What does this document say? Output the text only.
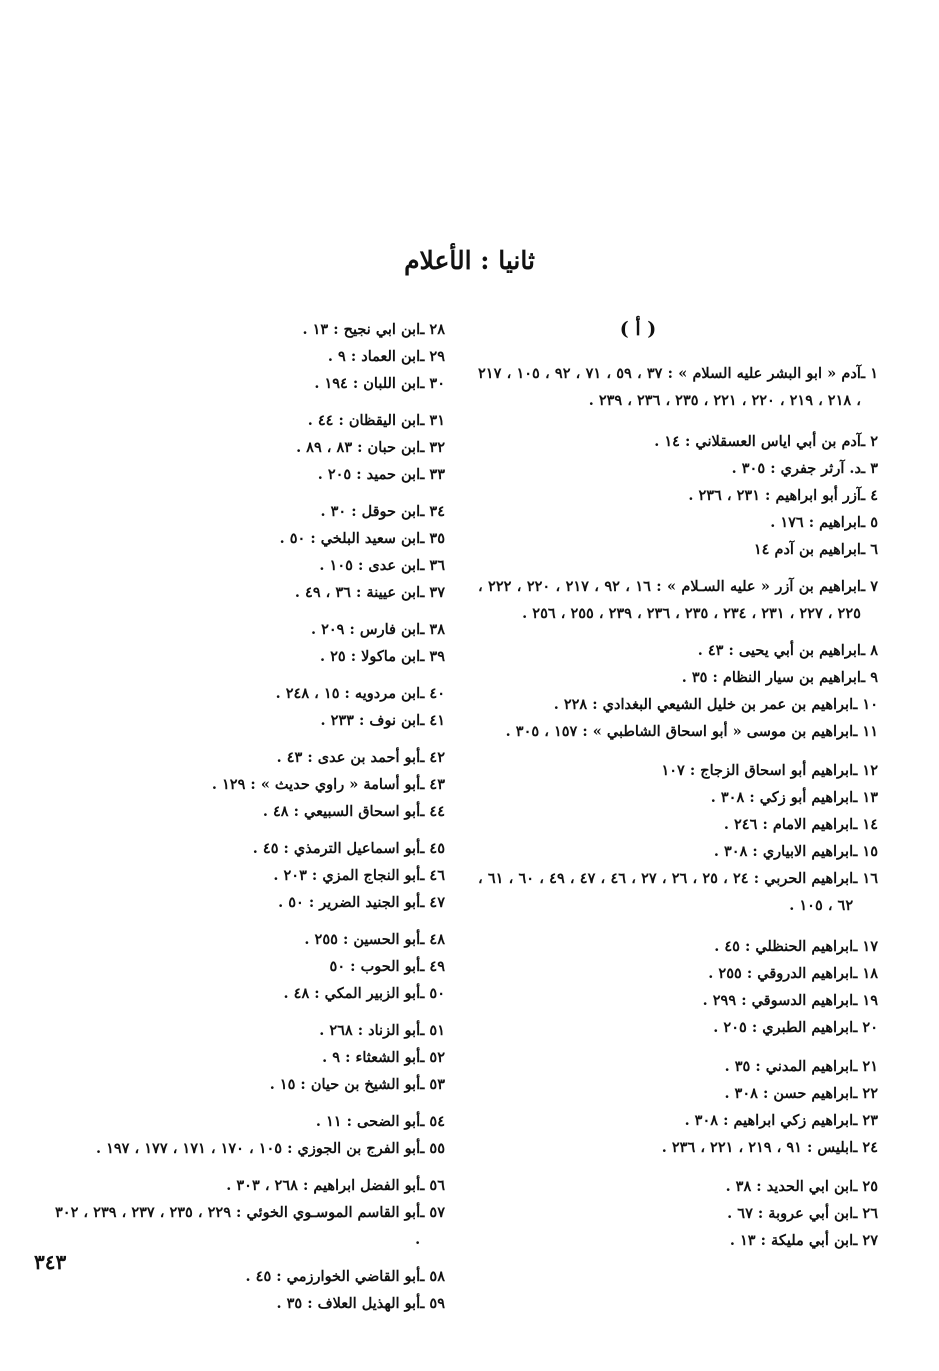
ثانيا : الأعلام
( أ )
١ ـ
آدم « ابو البشر عليه السلام » : ٣٧ ، ٥٩ ، ٧١ ، ٩٢ ، ١٠٥ ، ٢١٧ ، ٢١٨ ، ٢١٩ ، ٢٢٠ ، ٢٢١ ، ٢٣٥ ، ٢٣٦ ، ٢٣٩ .
٢ ـ
آدم بن أبي اياس العسقلاني : ١٤ .
٣ ـ
د. آرثر جفري : ٣٠٥ .
٤ ـ
آزر أبو ابراهيم : ٢٣١ ، ٢٣٦ .
٥ ـ
ابراهيم : ١٧٦ .
٦ ـ
ابراهيم بن آدم ١٤
٧ ـ
ابراهيم بن آزر « عليه السـلام » : ١٦ ، ٩٢ ، ٢١٧ ، ٢٢٠ ، ٢٢٢ ، ٢٢٥ ، ٢٢٧ ، ٢٣١ ، ٢٣٤ ، ٢٣٥ ، ٢٣٦ ، ٢٣٩ ، ٢٥٥ ، ٢٥٦ .
٨ ـ
ابراهيم بن أبي يحيى : ٤٣ .
٩ ـ
ابراهيم بن سيار النظام : ٣٥ .
١٠ ـ
ابراهيم بن عمر بن خليل الشيعي البغدادي : ٢٢٨ .
١١ ـ
ابراهيم بن موسى « أبو اسحاق الشاطبي » : ١٥٧ ، ٣٠٥ .
١٢ ـ
ابراهيم أبو اسحاق الزجاج : ١٠٧
١٣ ـ
ابراهيم أبو زكي : ٣٠٨ .
١٤ ـ
ابراهيم الامام : ٢٤٦ .
١٥ ـ
ابراهيم الابياري : ٣٠٨ .
١٦ ـ
ابراهيم الحربي : ٢٤ ، ٢٥ ، ٢٦ ، ٢٧ ، ٤٦ ، ٤٧ ، ٤٩ ، ٦٠ ، ٦١ ، ٦٢ ، ١٠٥ .
١٧ ـ
ابراهيم الحنظلي : ٤٥ .
١٨ ـ
ابراهيم الدروقي : ٢٥٥ .
١٩ ـ
ابراهيم الدسوقي : ٢٩٩ .
٢٠ ـ
ابراهيم الطبري : ٢٠٥ .
٢١ ـ
ابراهيم المدني : ٣٥ .
٢٢ ـ
ابراهيم حسن : ٣٠٨ .
٢٣ ـ
ابراهيم زكي ابراهيم : ٣٠٨ .
٢٤ ـ
ابليس : ٩١ ، ٢١٩ ، ٢٢١ ، ٢٣٦ .
٢٥ ـ
ابن ابي الحديد : ٣٨ .
٢٦ ـ
ابن أبي عروبة : ٦٧ .
٢٧ ـ
ابن أبي مليكة : ١٣ .
٢٨ ـ
ابن ابي نجيح : ١٣ .
٢٩ ـ
ابن العماد : ٩ .
٣٠ ـ
ابن اللبان : ١٩٤ .
٣١ ـ
ابن اليقظان : ٤٤ .
٣٢ ـ
ابن حبان : ٨٣ ، ٨٩ .
٣٣ ـ
ابن حميد : ٢٠٥ .
٣٤ ـ
ابن حوقل : ٣٠ .
٣٥ ـ
ابن سعيد البلخي : ٥٠ .
٣٦ ـ
ابن عدى : ١٠٥ .
٣٧ ـ
ابن عيينة : ٣٦ ، ٤٩ .
٣٨ ـ
ابن فارس : ٢٠٩ .
٣٩ ـ
ابن ماكولا : ٢٥ .
٤٠ ـ
ابن مردويه : ١٥ ، ٢٤٨ .
٤١ ـ
ابن نوف : ٢٣٣ .
٤٢ ـ
أبو أحمد بن عدى : ٤٣ .
٤٣ ـ
أبو أسامة « راوي حديث » : ١٢٩ .
٤٤ ـ
أبو اسحاق السبيعي : ٤٨ .
٤٥ ـ
أبو اسماعيل الترمذي : ٤٥ .
٤٦ ـ
أبو النجاج المزي : ٢٠٣ .
٤٧ ـ
أبو الجنيد الضرير : ٥٠ .
٤٨ ـ
أبو الحسين : ٢٥٥ .
٤٩ ـ
أبو الحوب : ٥٠
٥٠ ـ
أبو الزبير المكي : ٤٨ .
٥١ ـ
أبو الزناد : ٢٦٨ .
٥٢ ـ
أبو الشعثاء : ٩ .
٥٣ ـ
أبو الشيخ بن حيان : ١٥ .
٥٤ ـ
أبو الضحى : ١١ .
٥٥ ـ
أبو الفرج بن الجوزي : ١٠٥ ، ١٧٠ ، ١٧١ ، ١٧٧ ، ١٩٧ .
٥٦ ـ
أبو الفضل ابراهيم : ٢٦٨ ، ٣٠٣ .
٥٧ ـ
أبو القاسم الموسـوي الخوئي : ٢٢٩ ، ٢٣٥ ، ٢٣٧ ، ٢٣٩ ، ٣٠٢ .
٥٨ ـ
أبو القاضي الخوارزمي : ٤٥ .
٥٩ ـ
أبو الهذيل العلاف : ٣٥ .
٣٤٣
